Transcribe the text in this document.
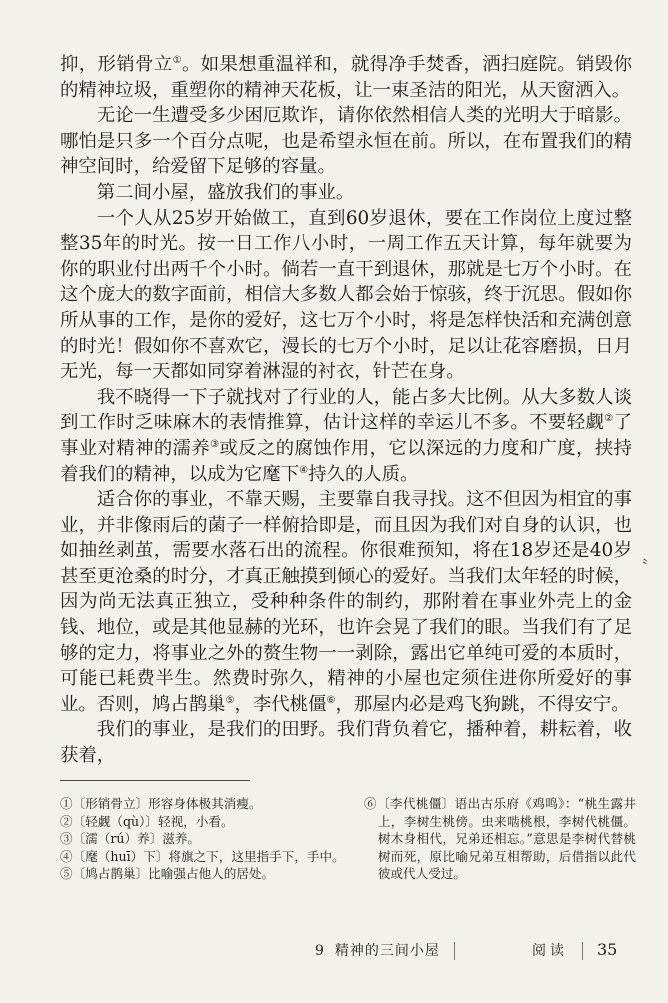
抑，形销骨立①。如果想重温祥和，就得净手焚香，洒扫庭院。销毁你的精神垃圾，重塑你的精神天花板，让一束圣洁的阳光，从天窗洒入。

无论一生遭受多少困厄欺诈，请你依然相信人类的光明大于暗影。哪怕是只多一个百分点呢，也是希望永恒在前。所以，在布置我们的精神空间时，给爱留下足够的容量。

第二间小屋，盛放我们的事业。

一个人从25岁开始做工，直到60岁退休，要在工作岗位上度过整整35年的时光。按一日工作八小时，一周工作五天计算，每年就要为你的职业付出两千个小时。倘若一直干到退休，那就是七万个小时。在这个庞大的数字面前，相信大多数人都会始于惊骇，终于沉思。假如你所从事的工作，是你的爱好，这七万个小时，将是怎样快活和充满创意的时光！假如你不喜欢它，漫长的七万个小时，足以让花容磨损，日月无光，每一天都如同穿着淋湿的衬衣，针芒在身。

我不晓得一下子就找对了行业的人，能占多大比例。从大多数人谈到工作时乏味麻木的表情推算，估计这样的幸运儿不多。不要轻觑②了事业对精神的濡养③或反之的腐蚀作用，它以深远的力度和广度，挟持着我们的精神，以成为它麾下④持久的人质。

适合你的事业，不靠天赐，主要靠自我寻找。这不但因为相宜的事业，并非像雨后的菌子一样俯拾即是，而且因为我们对自身的认识，也如抽丝剥茧，需要水落石出的流程。你很难预知，将在18岁还是40岁甚至更沧桑的时分，才真正触摸到倾心的爱好。当我们太年轻的时候，因为尚无法真正独立，受种种条件的制约，那附着在事业外壳上的金钱、地位，或是其他显赫的光环，也许会晃了我们的眼。当我们有了足够的定力，将事业之外的赘生物一一剥除，露出它单纯可爱的本质时，可能已耗费半生。然费时弥久，精神的小屋也定须住进你所爱好的事业。否则，鸠占鹊巢⑤，李代桃僵⑥，那屋内必是鸡飞狗跳，不得安宁。

我们的事业，是我们的田野。我们背负着它，播种着，耕耘着，收获着，

〝
①〔形销骨立〕形容身体极其消瘦。
②〔轻觑（qù）〕轻视，小看。
③〔濡（rú）养〕滋养。
④〔麾（huī）下〕将旗之下，这里指手下，手中。
⑤〔鸠占鹊巢〕比喻强占他人的居处。
⑥〔李代桃僵〕语出古乐府《鸡鸣》：“桃生露井上，李树生桃傍。虫来啮桃根，李树代桃僵。树木身相代，兄弟还相忘。”意思是李树代替桃树而死，原比喻兄弟互相帮助，后借指以此代彼或代人受过。
9 精神的三间小屋	阅读 35
